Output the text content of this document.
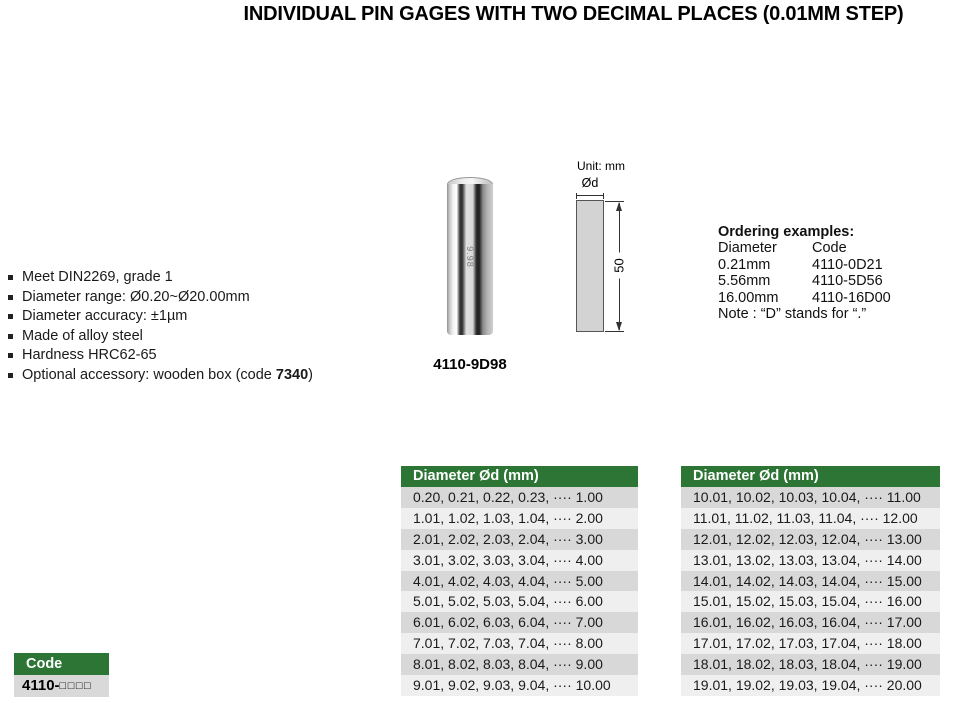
INDIVIDUAL PIN GAGES WITH TWO DECIMAL PLACES (0.01MM STEP)
Meet DIN2269, grade 1
Diameter range: Ø0.20~Ø20.00mm
Diameter accuracy: ±1µm
Made of alloy steel
Hardness HRC62-65
Optional accessory: wooden box (code 7340)
9.98
4110-9D98
Unit: mm
Ød
50
Ordering examples:
Diameter Code
0.21mm	4110-0D21
5.56mm	4110-5D56
16.00mm 4110-16D00
Note : “D” stands for “.”
Code
4110-□□□□
Diameter Ød (mm)
0.20, 0.21, 0.22, 0.23, ···· 1.00
1.01, 1.02, 1.03, 1.04, ···· 2.00
2.01, 2.02, 2.03, 2.04, ···· 3.00
3.01, 3.02, 3.03, 3.04, ···· 4.00
4.01, 4.02, 4.03, 4.04, ···· 5.00
5.01, 5.02, 5.03, 5.04, ···· 6.00
6.01, 6.02, 6.03, 6.04, ···· 7.00
7.01, 7.02, 7.03, 7.04, ···· 8.00
8.01, 8.02, 8.03, 8.04, ···· 9.00
9.01, 9.02, 9.03, 9.04, ···· 10.00
Diameter Ød (mm)
10.01, 10.02, 10.03, 10.04, ···· 11.00
11.01, 11.02, 11.03, 11.04, ···· 12.00
12.01, 12.02, 12.03, 12.04, ···· 13.00
13.01, 13.02, 13.03, 13.04, ···· 14.00
14.01, 14.02, 14.03, 14.04, ···· 15.00
15.01, 15.02, 15.03, 15.04, ···· 16.00
16.01, 16.02, 16.03, 16.04, ···· 17.00
17.01, 17.02, 17.03, 17.04, ···· 18.00
18.01, 18.02, 18.03, 18.04, ···· 19.00
19.01, 19.02, 19.03, 19.04, ···· 20.00
